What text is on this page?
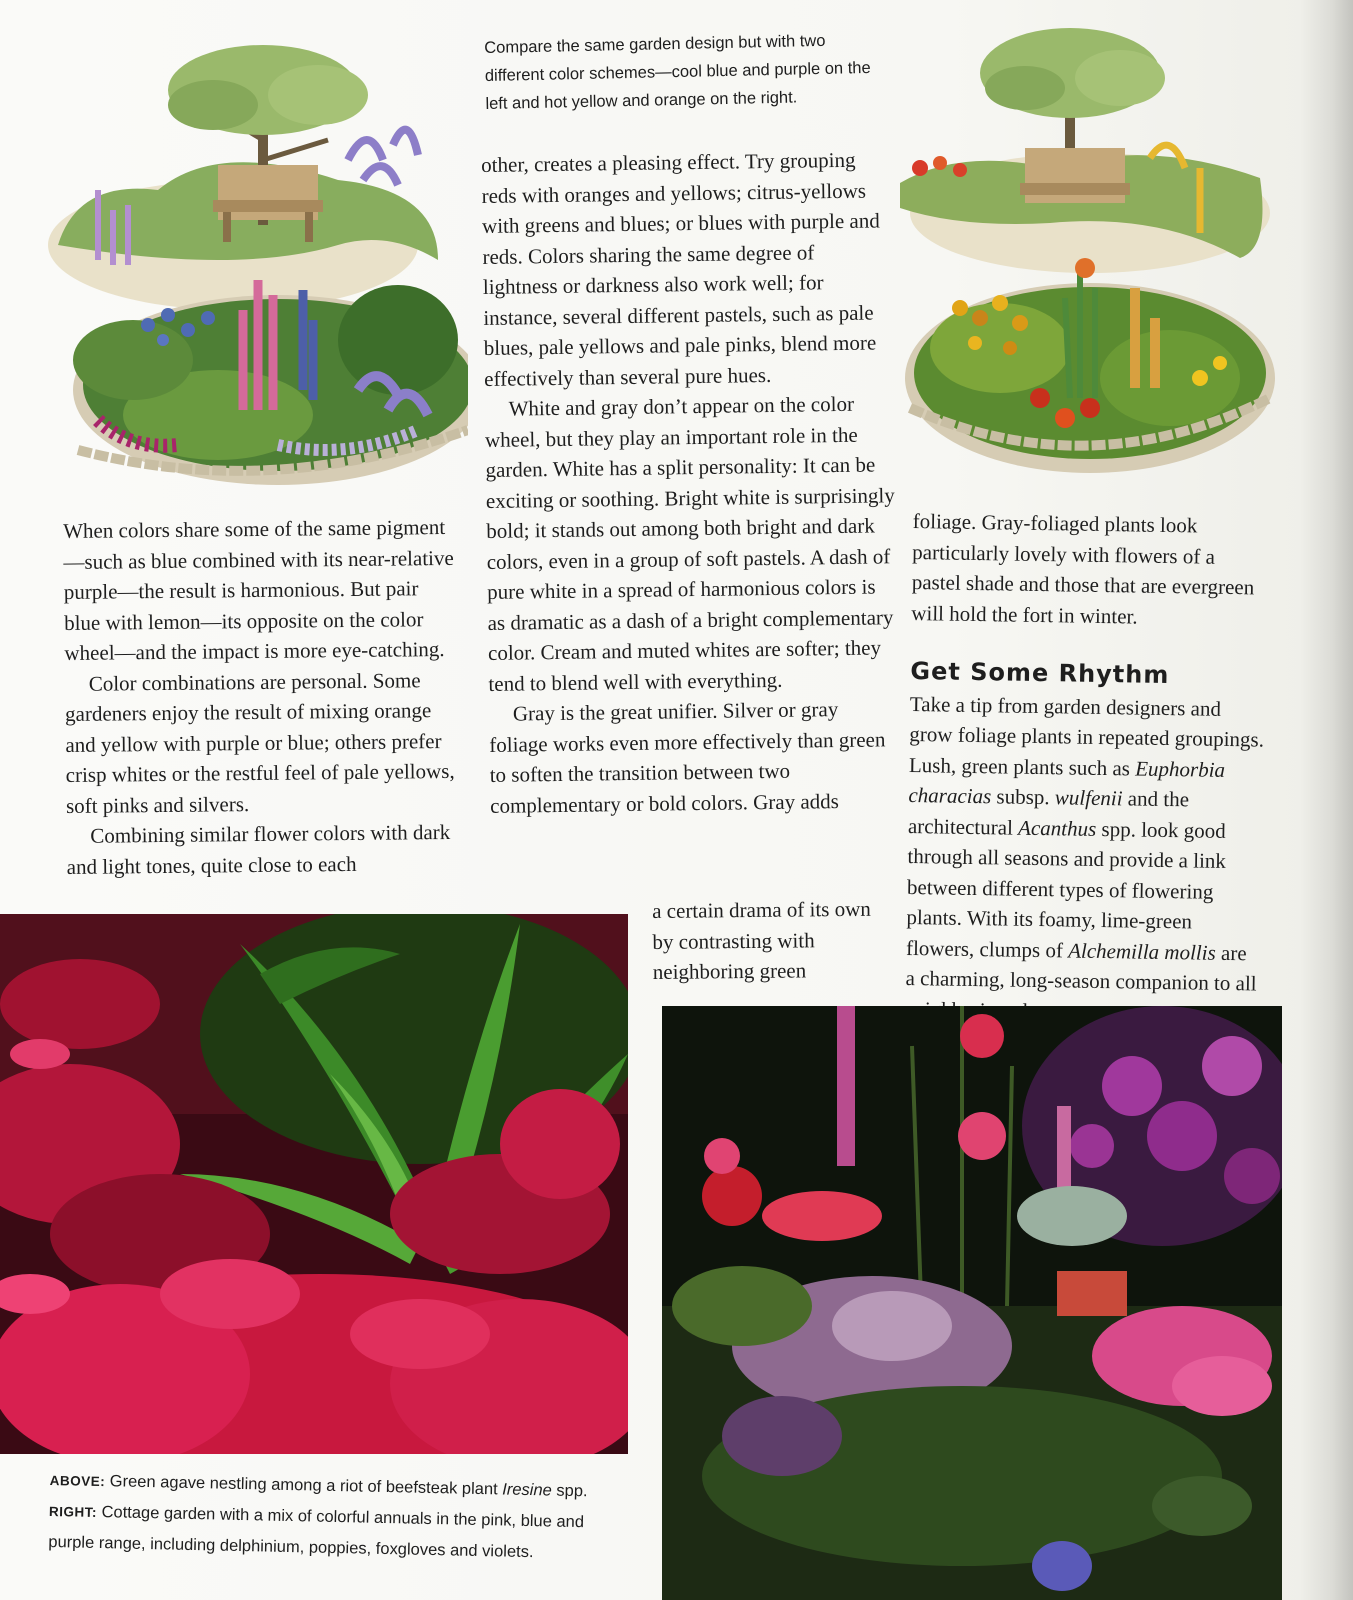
Compare the same garden design but with two different color schemes—cool blue and purple on the left and hot yellow and orange on the right.

When colors share some of the same pigment—such as blue combined with its near-relative purple—the result is harmonious. But pair blue with lemon—its opposite on the color wheel—and the impact is more eye-catching.

Color combinations are personal. Some gardeners enjoy the result of mixing orange and yellow with purple or blue; others prefer crisp whites or the restful feel of pale yellows, soft pinks and silvers.

Combining similar flower colors with dark and light tones, quite close to each

other, creates a pleasing effect. Try grouping reds with oranges and yellows; citrus-yellows with greens and blues; or blues with purple and reds. Colors sharing the same degree of lightness or darkness also work well; for instance, several different pastels, such as pale blues, pale yellows and pale pinks, blend more effectively than several pure hues.

White and gray don’t appear on the color wheel, but they play an important role in the garden. White has a split personality: It can be exciting or soothing. Bright white is surprisingly bold; it stands out among both bright and dark colors, even in a group of soft pastels. A dash of pure white in a spread of harmonious colors is as dramatic as a dash of a bright complementary color. Cream and muted whites are softer; they tend to blend well with everything.

Gray is the great unifier. Silver or gray foliage works even more effectively than green to soften the transition between two complementary or bold colors. Gray adds

a certain drama of its own by contrasting with neighboring green

foliage. Gray-foliaged plants look particularly lovely with flowers of a pastel shade and those that are evergreen will hold the fort in winter.

Get Some Rhythm

Take a tip from garden designers and grow foliage plants in repeated groupings. Lush, green plants such as Euphorbia characias subsp. wulfenii and the architectural Acanthus spp. look good through all seasons and provide a link between different types of flowering plants. With its foamy, lime-green flowers, clumps of Alchemilla mollis are a charming, long-season companion to all

ABOVE: Green agave nestling among a riot of beefsteak plant Iresine spp.
RIGHT: Cottage garden with a mix of colorful annuals in the pink, blue and purple range, including delphinium, poppies, foxgloves and violets.
